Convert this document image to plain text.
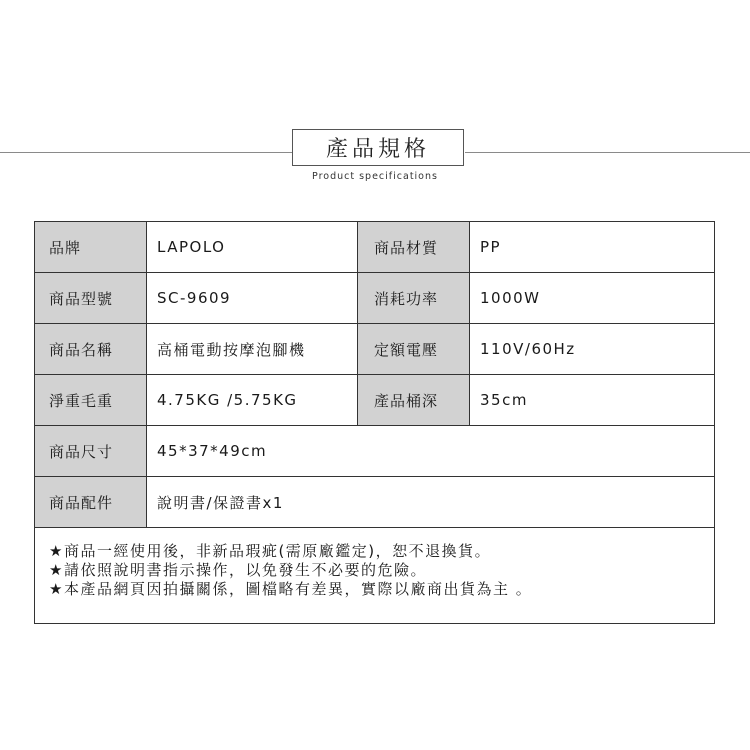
產品規格
Product specifications
品牌	LAPOLO	商品材質	PP
商品型號	SC-9609	消耗功率	1000W
商品名稱	高桶電動按摩泡腳機	定額電壓	110V/60Hz
淨重毛重	4.75KG /5.75KG	產品桶深	35cm
商品尺寸	45*37*49cm		
商品配件	說明書/保證書x1		

★商品一經使用後，非新品瑕疵(需原廠鑑定)，恕不退換貨。
★請依照說明書指示操作，以免發生不必要的危險。
★本產品網頁因拍攝關係，圖檔略有差異，實際以廠商出貨為主 。			
